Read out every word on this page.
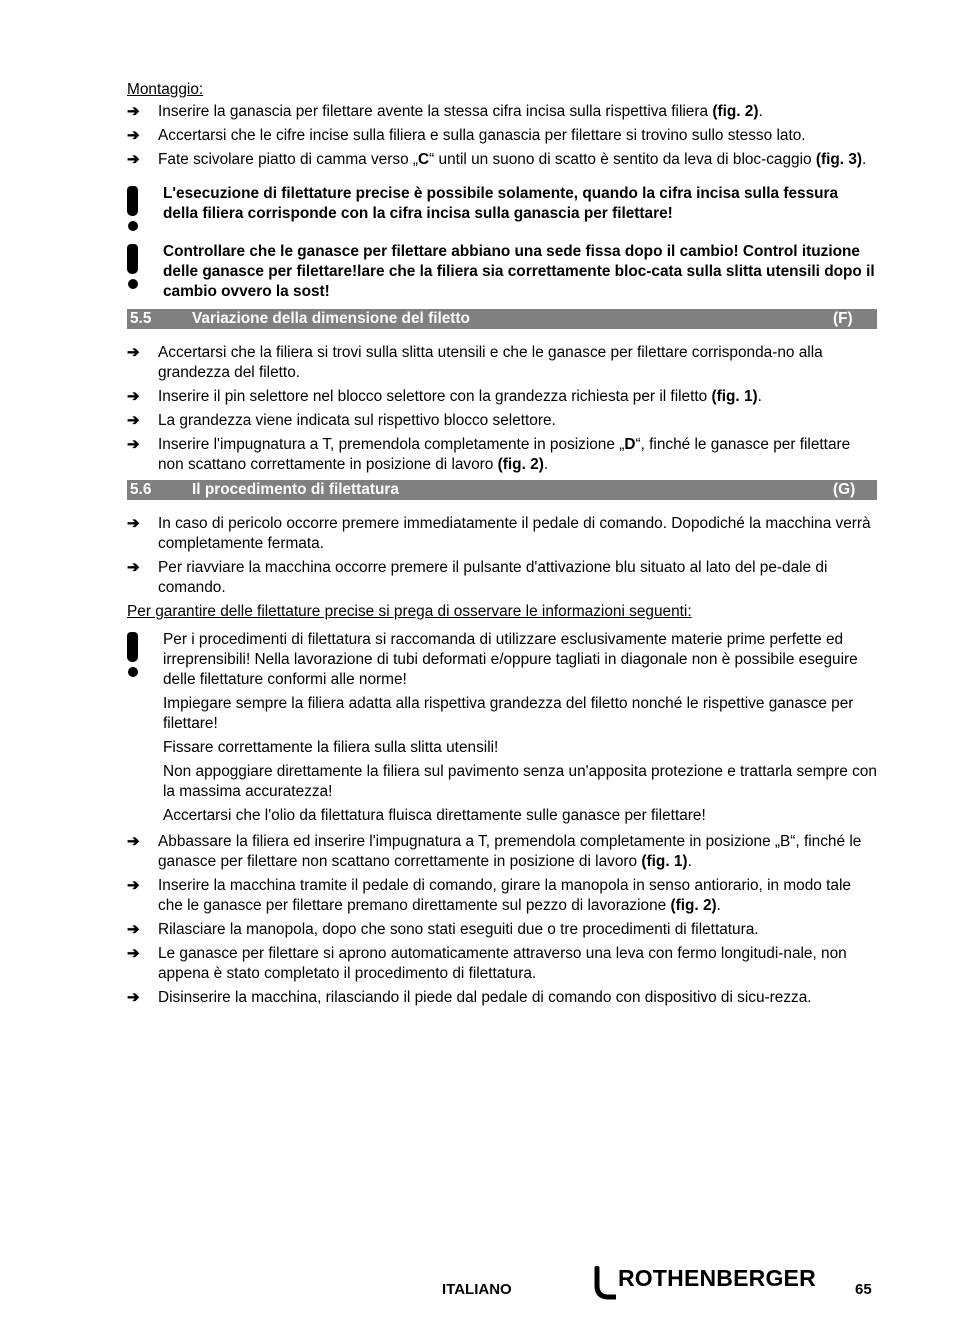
Montaggio:
➔	Inserire la ganascia per filettare avente la stessa cifra incisa sulla rispettiva filiera (fig. 2).
➔	Accertarsi che le cifre incise sulla filiera e sulla ganascia per filettare si trovino sullo stesso lato.
➔	Fate scivolare piatto di camma verso „C“ until un suono di scatto è sentito da leva di bloc-caggio (fig. 3).

L'esecuzione di filettature precise è possibile solamente, quando la cifra incisa sulla fessura della filiera corrisponde con la cifra incisa sulla ganascia per filettare!

Controllare che le ganasce per filettare abbiano una sede fissa dopo il cambio! Control ituzione delle ganasce per filettare!lare che la filiera sia correttamente bloc-cata sulla slitta utensili dopo il cambio ovvero la sost!

5.5	Variazione della dimensione del filetto	(F)
➔	Accertarsi che la filiera si trovi sulla slitta utensili e che le ganasce per filettare corrisponda-no alla grandezza del filetto.
➔	Inserire il pin selettore nel blocco selettore con la grandezza richiesta per il filetto (fig. 1).
➔	La grandezza viene indicata sul rispettivo blocco selettore.
➔	Inserire l'impugnatura a T, premendola completamente in posizione „D“, finché le ganasce per filettare non scattano correttamente in posizione di lavoro (fig. 2).
5.6	Il procedimento di filettatura	(G)
➔	In caso di pericolo occorre premere immediatamente il pedale di comando. Dopodiché la macchina verrà completamente fermata.
➔	Per riavviare la macchina occorre premere il pulsante d'attivazione blu situato al lato del pe-dale di comando.
Per garantire delle filettature precise si prega di osservare le informazioni seguenti:

Per i procedimenti di filettatura si raccomanda di utilizzare esclusivamente materie prime perfette ed irreprensibili! Nella lavorazione di tubi deformati e/oppure tagliati in diagonale non è possibile eseguire delle filettature conformi alle norme!

Impiegare sempre la filiera adatta alla rispettiva grandezza del filetto nonché le rispettive ganasce per filettare!

Fissare correttamente la filiera sulla slitta utensili!

Non appoggiare direttamente la filiera sul pavimento senza un'apposita protezione e trattarla sempre con la massima accuratezza!

Accertarsi che l'olio da filettatura fluisca direttamente sulle ganasce per filettare!

➔	Abbassare la filiera ed inserire l'impugnatura a T, premendola completamente in posizione „B“, finché le ganasce per filettare non scattano correttamente in posizione di lavoro (fig. 1).
➔	Inserire la macchina tramite il pedale di comando, girare la manopola in senso antiorario, in modo tale che le ganasce per filettare premano direttamente sul pezzo di lavorazione (fig. 2).
➔	Rilasciare la manopola, dopo che sono stati eseguiti due o tre procedimenti di filettatura.
➔	Le ganasce per filettare si aprono automaticamente attraverso una leva con fermo longitudi-nale, non appena è stato completato il procedimento di filettatura.
➔	Disinserire la macchina, rilasciando il piede dal pedale di comando con dispositivo di sicu-rezza.
ITALIANO	ROTHENBERGER	65
